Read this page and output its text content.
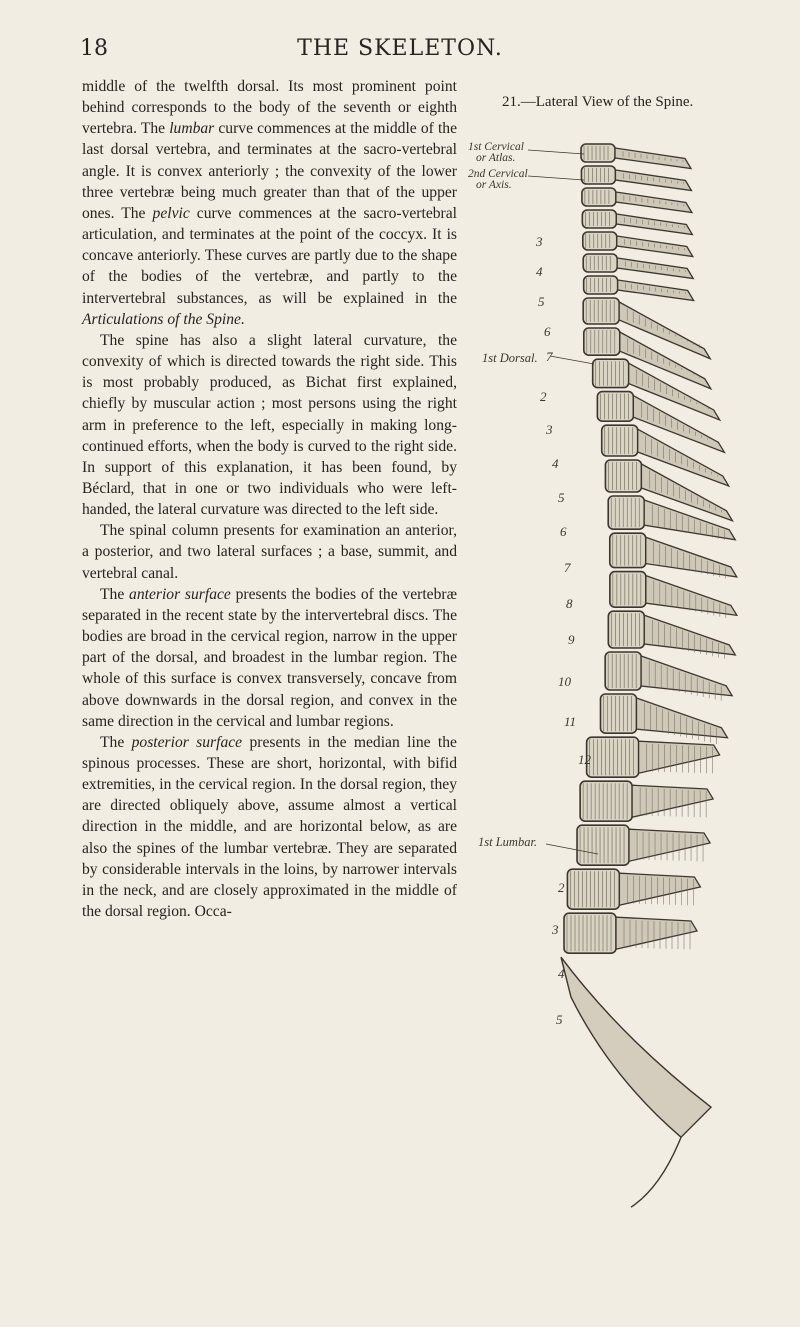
18	THE SKELETON.

middle of the twelfth dorsal. Its most prominent point behind corresponds to the body of the seventh or eighth vertebra. The lumbar curve commences at the middle of the last dorsal vertebra, and terminates at the sacro-vertebral angle. It is convex anteriorly ; the convexity of the lower three vertebræ being much greater than that of the upper ones. The pelvic curve commences at the sacro-vertebral articulation, and terminates at the point of the coccyx. It is concave anteriorly. These curves are partly due to the shape of the bodies of the vertebræ, and partly to the intervertebral substances, as will be explained in the Articulations of the Spine.

The spine has also a slight lateral curvature, the convexity of which is directed towards the right side. This is most probably produced, as Bichat first explained, chiefly by muscular action ; most persons using the right arm in preference to the left, especially in making long-continued efforts, when the body is curved to the right side. In support of this explanation, it has been found, by Béclard, that in one or two individuals who were left-handed, the lateral curvature was directed to the left side.

The spinal column presents for examination an anterior, a posterior, and two lateral surfaces ; a base, summit, and vertebral canal.

The anterior surface presents the bodies of the vertebræ separated in the recent state by the intervertebral discs. The bodies are broad in the cervical region, narrow in the upper part of the dorsal, and broadest in the lumbar region. The whole of this surface is convex transversely, concave from above downwards in the dorsal region, and convex in the same direction in the cervical and lumbar regions.

The posterior surface presents in the median line the spinous processes. These are short, horizontal, with bifid extremities, in the cervical region. In the dorsal region, they are directed obliquely above, assume almost a vertical direction in the middle, and are horizontal below, as are also the spines of the lumbar vertebræ. They are separated by considerable intervals in the loins, by narrower intervals in the neck, and are closely approximated in the middle of the dorsal region. Occa-

21.—Lateral View of the Spine.
1st Cervical
or Atlas.
2nd Cervical
or Axis.
1st Dorsal.
1st Lumbar.
3
4
5
6
7
2
3
4
5
6
7
8
9
10
11
12
2
3
4
5
